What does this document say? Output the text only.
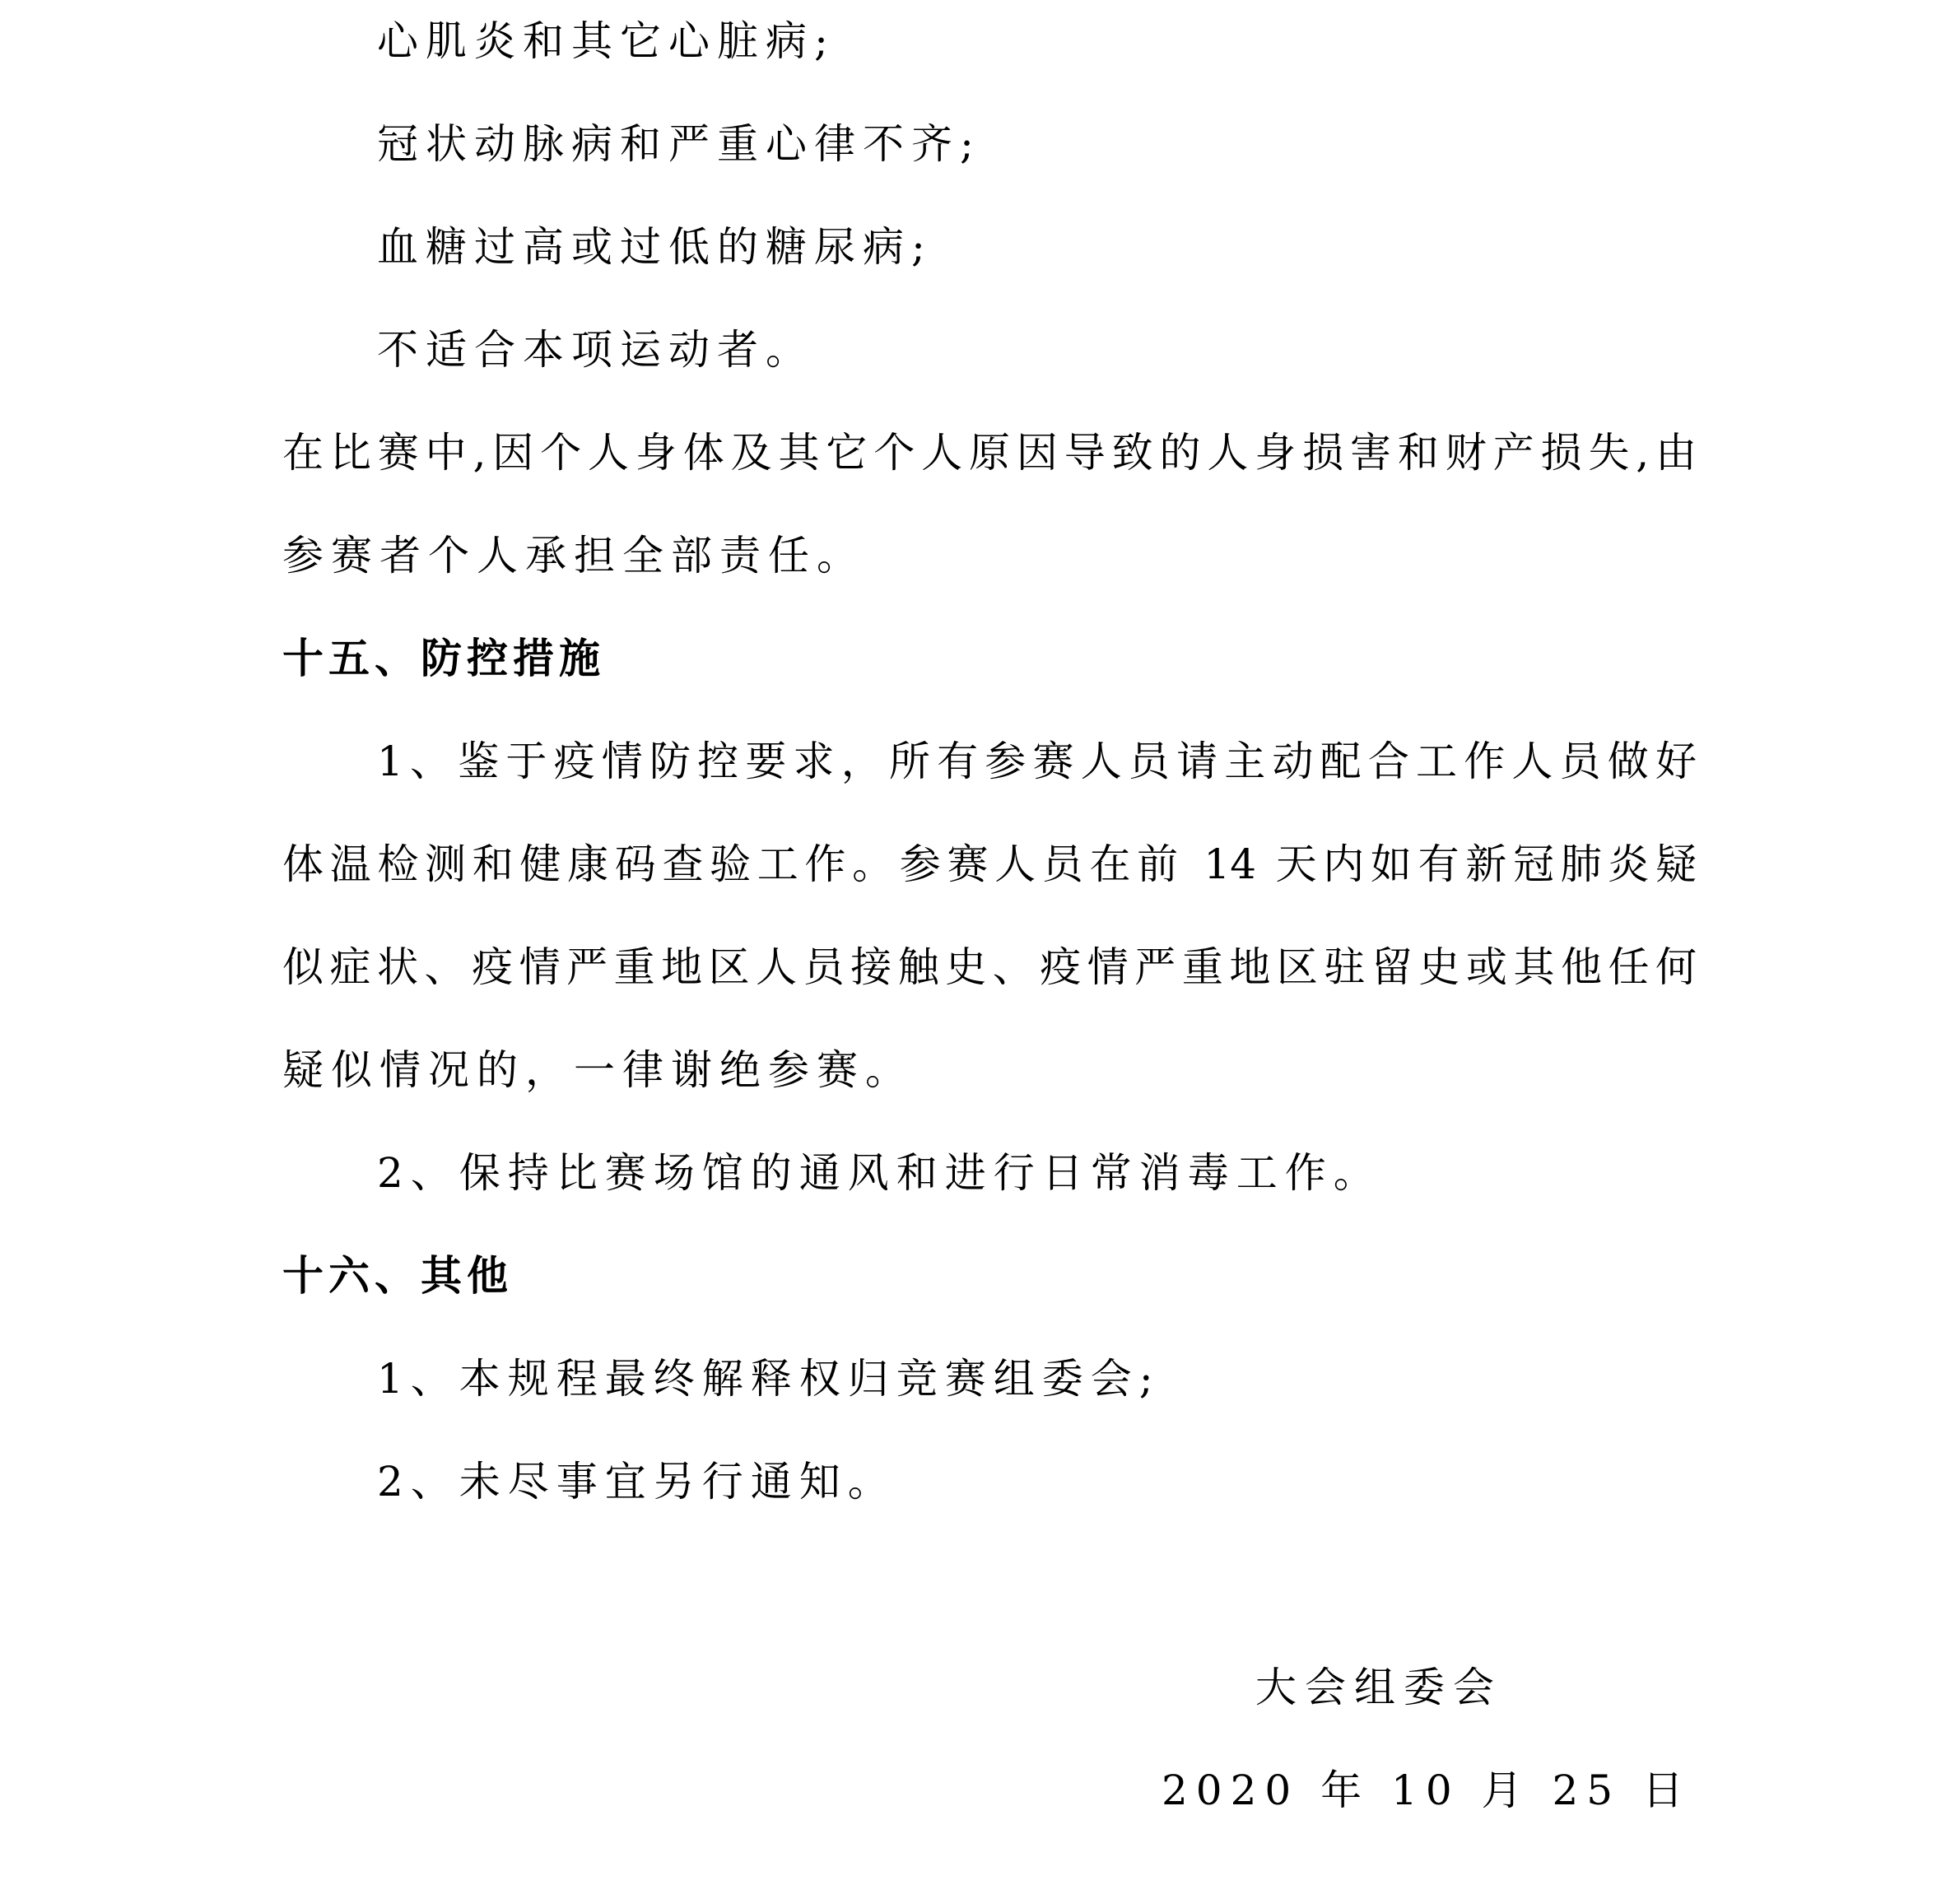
心肌炎和其它心脏病;
冠状动脉病和严重心律不齐;
血糖过高或过低的糖尿病;
不适合本项运动者。
在比赛中,因个人身体及其它个人原因导致的人身损害和财产损失,由
参赛者个人承担全部责任。
十五、防控措施
1、鉴于疫情防控要求，所有参赛人员请主动配合工作人员做好
体温检测和健康码查验工作。参赛人员在前 14 天内如有新冠肺炎疑
似症状、疫情严重地区人员接触史、疫情严重地区驻留史或其他任何
疑似情况的，一律谢绝参赛。
2、保持比赛场馆的通风和进行日常消毒工作。
十六、其他
1、本规程最终解释权归竞赛组委会;
2、未尽事宜另行通知。
大会组委会
2020 年 10 月 25 日
